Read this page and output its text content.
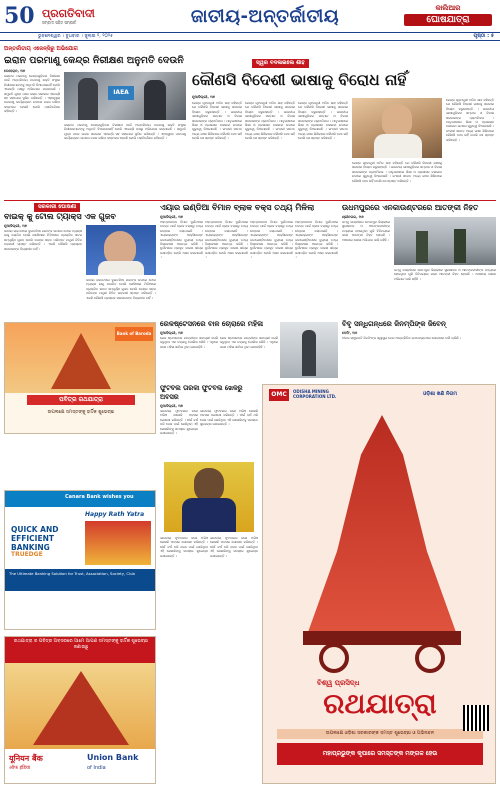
50 ପ୍ରଗତିବାଦୀ
ସମ୍ବାଦ ସହିତ ସମ୍ପର୍କ	ଜାତୀୟ-ଅନ୍ତର୍ଜାତୀୟ	କାଲିଆର
ଘୋଷଯାତ୍ରା
ଭୁବନେଶ୍ୱର । ବୁଧବାର । ଜୁଲାଇ ୨, ୨୦୨୫	ପୃଷ୍ଠା : ୫
ଅନ୍ତର୍ଜାତୀୟ ଏଜେନ୍ସିରୁ ଅଭିଯୋଗ
ଇରାନ ପରମାଣୁ କେନ୍ଦ୍ର ନିରୀକ୍ଷଣ ଅନୁମତି ଦେଉନି
ତେହେରାନ, ୧ା୭
ଇରାନର ପରମାଣୁ କେନ୍ଦ୍ରଗୁଡ଼ିକର ନିରୀକ୍ଷଣ ପାଇଁ ଅନ୍ତର୍ଜାତୀୟ ପରମାଣୁ ଶକ୍ତି ସଂସ୍ଥାର ନିରୀକ୍ଷକମାନଙ୍କୁ ଅନୁମତି ଦିଆଯାଉନାହିଁ ବୋଲି ଏଜେନ୍ସି ପକ୍ଷରୁ ଅଭିଯୋଗ କରାଯାଇଛି । ସମ୍ପ୍ରତି ଯୁଦ୍ଧ ପରେ ଇରାନ ସରକାର ଏଜେନ୍ସି ସହ ସହଯୋଗ ସ୍ଥଗିତ ରଖିଛନ୍ତି । ଏହାଦ୍ୱାରା ପରମାଣୁ କାର୍ଯ୍ୟକ୍ରମ ଉପରେ ନଜର ରଖିବା କଷ୍ଟକର ହେଉଛି ବୋଲି ମହାନିର୍ଦ୍ଦେଶକ କହିଛନ୍ତି ।
IAEA
ଇରାନର ପରମାଣୁ କେନ୍ଦ୍ରଗୁଡ଼ିକର ନିରୀକ୍ଷଣ ପାଇଁ ଅନ୍ତର୍ଜାତୀୟ ପରମାଣୁ ଶକ୍ତି ସଂସ୍ଥାର ନିରୀକ୍ଷକମାନଙ୍କୁ ଅନୁମତି ଦିଆଯାଉନାହିଁ ବୋଲି ଏଜେନ୍ସି ପକ୍ଷରୁ ଅଭିଯୋଗ କରାଯାଇଛି । ସମ୍ପ୍ରତି ଯୁଦ୍ଧ ପରେ ଇରାନ ସରକାର ଏଜେନ୍ସି ସହ ସହଯୋଗ ସ୍ଥଗିତ ରଖିଛନ୍ତି । ଏହାଦ୍ୱାରା ପରମାଣୁ କାର୍ଯ୍ୟକ୍ରମ ଉପରେ ନଜର ରଖିବା କଷ୍ଟକର ହେଉଛି ବୋଲି ମହାନିର୍ଦ୍ଦେଶକ କହିଛନ୍ତି ।
ସ୍ୱର ବଦଳାଇଲେ ଶାହ
କୌଣସି ବିଦେଶୀ ଭାଷାକୁ ବିରୋଧ ନାହିଁ
ନୂଆଦିଲ୍ଲୀ, ୧ା୭
କେନ୍ଦ୍ର ଗୃହମନ୍ତ୍ରୀ ଅମିତ ଶାହ କହିଛନ୍ତି ଯେ କୌଣସି ବିଦେଶୀ ଭାଷାକୁ ସରକାର ବିରୋଧ କରୁନାହାନ୍ତି । ଭାରତୀୟ ଭାଷାଗୁଡ଼ିକର ସମ୍ମାନ ଓ ବିକାଶ ସରକାରଙ୍କ ପ୍ରାଥମିକତା । ମାତୃଭାଷାରେ ଶିକ୍ଷା ଓ ପ୍ରଶାସନ ଚଳାଇବା ଉପରେ ଗୁରୁତ୍ୱ ଦିଆଯାଉଛି । ଇଂରାଜୀ ସମେତ ଅନ୍ୟ ଭାଷା ଶିଖିବାରେ କୌଣସି ବାଧା ନାହିଁ ବୋଲି ସେ ସ୍ପଷ୍ଟ କରିଛନ୍ତି ।
କେନ୍ଦ୍ର ଗୃହମନ୍ତ୍ରୀ ଅମିତ ଶାହ କହିଛନ୍ତି ଯେ କୌଣସି ବିଦେଶୀ ଭାଷାକୁ ସରକାର ବିରୋଧ କରୁନାହାନ୍ତି । ଭାରତୀୟ ଭାଷାଗୁଡ଼ିକର ସମ୍ମାନ ଓ ବିକାଶ ସରକାରଙ୍କ ପ୍ରାଥମିକତା । ମାତୃଭାଷାରେ ଶିକ୍ଷା ଓ ପ୍ରଶାସନ ଚଳାଇବା ଉପରେ ଗୁରୁତ୍ୱ ଦିଆଯାଉଛି । ଇଂରାଜୀ ସମେତ ଅନ୍ୟ ଭାଷା ଶିଖିବାରେ କୌଣସି ବାଧା ନାହିଁ ବୋଲି ସେ ସ୍ପଷ୍ଟ କରିଛନ୍ତି ।
କେନ୍ଦ୍ର ଗୃହମନ୍ତ୍ରୀ ଅମିତ ଶାହ କହିଛନ୍ତି ଯେ କୌଣସି ବିଦେଶୀ ଭାଷାକୁ ସରକାର ବିରୋଧ କରୁନାହାନ୍ତି । ଭାରତୀୟ ଭାଷାଗୁଡ଼ିକର ସମ୍ମାନ ଓ ବିକାଶ ସରକାରଙ୍କ ପ୍ରାଥମିକତା । ମାତୃଭାଷାରେ ଶିକ୍ଷା ଓ ପ୍ରଶାସନ ଚଳାଇବା ଉପରେ ଗୁରୁତ୍ୱ ଦିଆଯାଉଛି । ଇଂରାଜୀ ସମେତ ଅନ୍ୟ ଭାଷା ଶିଖିବାରେ କୌଣସି ବାଧା ନାହିଁ ବୋଲି ସେ ସ୍ପଷ୍ଟ କରିଛନ୍ତି ।
କେନ୍ଦ୍ର ଗୃହମନ୍ତ୍ରୀ ଅମିତ ଶାହ କହିଛନ୍ତି ଯେ କୌଣସି ବିଦେଶୀ ଭାଷାକୁ ସରକାର ବିରୋଧ କରୁନାହାନ୍ତି । ଭାରତୀୟ ଭାଷାଗୁଡ଼ିକର ସମ୍ମାନ ଓ ବିକାଶ ସରକାରଙ୍କ ପ୍ରାଥମିକତା । ମାତୃଭାଷାରେ ଶିକ୍ଷା ଓ ପ୍ରଶାସନ ଚଳାଇବା ଉପରେ ଗୁରୁତ୍ୱ ଦିଆଯାଉଛି । ଇଂରାଜୀ ସମେତ ଅନ୍ୟ ଭାଷା ଶିଖିବାରେ କୌଣସି ବାଧା ନାହିଁ ବୋଲି ସେ ସ୍ପଷ୍ଟ କରିଛନ୍ତି ।
କେନ୍ଦ୍ର ଗୃହମନ୍ତ୍ରୀ ଅମିତ ଶାହ କହିଛନ୍ତି ଯେ କୌଣସି ବିଦେଶୀ ଭାଷାକୁ ସରକାର ବିରୋଧ କରୁନାହାନ୍ତି । ଭାରତୀୟ ଭାଷାଗୁଡ଼ିକର ସମ୍ମାନ ଓ ବିକାଶ ସରକାରଙ୍କ ପ୍ରାଥମିକତା । ମାତୃଭାଷାରେ ଶିକ୍ଷା ଓ ପ୍ରଶାସନ ଚଳାଇବା ଉପରେ ଗୁରୁତ୍ୱ ଦିଆଯାଉଛି । ଇଂରାଜୀ ସମେତ ଅନ୍ୟ ଭାଷା ଶିଖିବାରେ କୌଣସି ବାଧା ନାହିଁ ବୋଲି ସେ ସ୍ପଷ୍ଟ କରିଛନ୍ତି ।
ସରକାରୀ ଘୋଷଣା
ବାଇକ୍ କୁ ଟୋଲ ଟ୍ୟାକ୍ସ ଏକ ଗୁଜବ
ନୂଆଦିଲ୍ଲୀ, ୧ା୭
ଜାତୀୟ ରାଜପଥରେ ଦୁଇଚକିଆ ଯାନଙ୍କ ଉପରେ ଟୋଲ ଟ୍ୟାକ୍ସ ଲାଗୁ କରାଯିବ ବୋଲି ସୋସିଆଲ ମିଡିଆରେ ପ୍ରଚାରିତ ଖବର ସମ୍ପୂର୍ଣ୍ଣ ଗୁଜବ ବୋଲି କେନ୍ଦ୍ର ସଡ଼କ ପରିବହନ ମନ୍ତ୍ରୀ ନିତିନ ଗଡ଼କରୀ ସ୍ପଷ୍ଟ କରିଛନ୍ତି । ଏଭଳି କୌଣସି ପ୍ରସ୍ତାବ ସରକାରଙ୍କ ବିଚାରାଧୀନ ନାହିଁ ।
ଜାତୀୟ ରାଜପଥରେ ଦୁଇଚକିଆ ଯାନଙ୍କ ଉପରେ ଟୋଲ ଟ୍ୟାକ୍ସ ଲାଗୁ କରାଯିବ ବୋଲି ସୋସିଆଲ ମିଡିଆରେ ପ୍ରଚାରିତ ଖବର ସମ୍ପୂର୍ଣ୍ଣ ଗୁଜବ ବୋଲି କେନ୍ଦ୍ର ସଡ଼କ ପରିବହନ ମନ୍ତ୍ରୀ ନିତିନ ଗଡ଼କରୀ ସ୍ପଷ୍ଟ କରିଛନ୍ତି । ଏଭଳି କୌଣସି ପ୍ରସ୍ତାବ ସରକାରଙ୍କ ବିଚାରାଧୀନ ନାହିଁ ।
ଏୟାର ଇଣ୍ଡିଆ ବିମାନ ବ୍ଲାକ ବକ୍ସ ତଥ୍ୟ ମିଳିଲା
ନୂଆଦିଲ୍ଲୀ, ୧ା୭
ଅହମ୍ମଦାବାଦ ବିମାନ ଦୁର୍ଘଟଣାର ତଦନ୍ତ ପାଇଁ ବ୍ଲାକ ବକ୍ସରୁ ତଥ୍ୟ ଉଦ୍ଧାର କରାଯାଇଛି । ଏୟାରକ୍ରାଫ୍ଟ ଆକ୍ସିଡେଣ୍ଟ ଇନଭେଷ୍ଟିଗେସନ ବ୍ୟୁରୋ ତଥ୍ୟ ବିଶ୍ଳେଷଣ ଆରମ୍ଭ କରିଛି । ଦୁର୍ଘଟଣାର ପ୍ରକୃତ କାରଣ ଶୀଘ୍ର ଜଣାପଡ଼ିବ ବୋଲି ଆଶା କରାଯାଉଛି ।
ଅହମ୍ମଦାବାଦ ବିମାନ ଦୁର୍ଘଟଣାର ତଦନ୍ତ ପାଇଁ ବ୍ଲାକ ବକ୍ସରୁ ତଥ୍ୟ ଉଦ୍ଧାର କରାଯାଇଛି । ଏୟାରକ୍ରାଫ୍ଟ ଆକ୍ସିଡେଣ୍ଟ ଇନଭେଷ୍ଟିଗେସନ ବ୍ୟୁରୋ ତଥ୍ୟ ବିଶ୍ଳେଷଣ ଆରମ୍ଭ କରିଛି । ଦୁର୍ଘଟଣାର ପ୍ରକୃତ କାରଣ ଶୀଘ୍ର ଜଣାପଡ଼ିବ ବୋଲି ଆଶା କରାଯାଉଛି ।
ଅହମ୍ମଦାବାଦ ବିମାନ ଦୁର୍ଘଟଣାର ତଦନ୍ତ ପାଇଁ ବ୍ଲାକ ବକ୍ସରୁ ତଥ୍ୟ ଉଦ୍ଧାର କରାଯାଇଛି । ଏୟାରକ୍ରାଫ୍ଟ ଆକ୍ସିଡେଣ୍ଟ ଇନଭେଷ୍ଟିଗେସନ ବ୍ୟୁରୋ ତଥ୍ୟ ବିଶ୍ଳେଷଣ ଆରମ୍ଭ କରିଛି । ଦୁର୍ଘଟଣାର ପ୍ରକୃତ କାରଣ ଶୀଘ୍ର ଜଣାପଡ଼ିବ ବୋଲି ଆଶା କରାଯାଉଛି ।
ଅହମ୍ମଦାବାଦ ବିମାନ ଦୁର୍ଘଟଣାର ତଦନ୍ତ ପାଇଁ ବ୍ଲାକ ବକ୍ସରୁ ତଥ୍ୟ ଉଦ୍ଧାର କରାଯାଇଛି । ଏୟାରକ୍ରାଫ୍ଟ ଆକ୍ସିଡେଣ୍ଟ ଇନଭେଷ୍ଟିଗେସନ ବ୍ୟୁରୋ ତଥ୍ୟ ବିଶ୍ଳେଷଣ ଆରମ୍ଭ କରିଛି । ଦୁର୍ଘଟଣାର ପ୍ରକୃତ କାରଣ ଶୀଘ୍ର ଜଣାପଡ଼ିବ ବୋଲି ଆଶା କରାଯାଉଛି ।
ଉଧମପୁରରେ ଏନକାଉଣ୍ଟରରେ ଆତଙ୍କୀ ନିହତ
ଶ୍ରୀନଗର, ୧ା୭
ଜମ୍ମୁ କାଶ୍ମୀରର ଉଧମପୁର ଜିଲ୍ଲାରେ ସୁରକ୍ଷାବଳ ଓ ଆତଙ୍କବାଦୀଙ୍କ ମଧ୍ୟରେ ହୋଇଥିବା ଗୁଳି ବିନିମୟରେ ଜଣେ ଆତଙ୍କୀ ନିହତ ହୋଇଛି । ଅଞ୍ଚଳରେ ଖୋଜା ଅଭିଯାନ ଜାରି ରହିଛି ।
ଜମ୍ମୁ କାଶ୍ମୀରର ଉଧମପୁର ଜିଲ୍ଲାରେ ସୁରକ୍ଷାବଳ ଓ ଆତଙ୍କବାଦୀଙ୍କ ମଧ୍ୟରେ ହୋଇଥିବା ଗୁଳି ବିନିମୟରେ ଜଣେ ଆତଙ୍କୀ ନିହତ ହୋଇଛି । ଅଞ୍ଚଳରେ ଖୋଜା ଅଭିଯାନ ଜାରି ରହିଛି ।
Bank of Baroda
ପବିତ୍ର ରଥଯାତ୍ରା
ଉପଲକ୍ଷେ ସମସ୍ତଙ୍କୁ ହାର୍ଦ୍ଦିକ ଶୁଭେଚ୍ଛା
ରେଳଷ୍ଟେସନରେ ବାଳ ଚୋରାରେ ମହିଳା
ନୂଆଦିଲ୍ଲୀ, ୧ା୭
ରେଳ ଷ୍ଟେସନରେ ଯାତ୍ରୀଙ୍କ ସାମଗ୍ରୀ ଚୋରି କରୁଥିବା ଏକ ଚକ୍ରକୁ ପୋଲିସ ଧରିଛି । ଏଥିରେ ଜଣେ ମହିଳା ସାମିଲ ଥିବା ଜଣାପଡ଼ିଛି ।
ରେଳ ଷ୍ଟେସନରେ ଯାତ୍ରୀଙ୍କ ସାମଗ୍ରୀ ଚୋରି କରୁଥିବା ଏକ ଚକ୍ରକୁ ପୋଲିସ ଧରିଛି । ଏଥିରେ ଜଣେ ମହିଳା ସାମିଲ ଥିବା ଜଣାପଡ଼ିଛି ।
ବିବୃ ସନ୍ଧିଗନ୍ଧରେ ଜିନମ୍ପିଙ୍କ ଜିବେନ୍
ବେଜିଂ, ୧ା୭
ଚୀନର ରାଷ୍ଟ୍ରପତି ଜିନପିଂଙ୍କ ସ୍ୱାସ୍ଥ୍ୟ ନେଇ ଆନ୍ତର୍ଜାତିକ ଗଣମାଧ୍ୟମରେ ଜୋରଦାର ଚର୍ଚ୍ଚା ଚାଲିଛି ।
ଫୁଟବଲ ତାରକା ଫୁଟବଲ ଖେଳରୁ ଅବସର
ନୂଆଦିଲ୍ଲୀ, ୧ା୭
ଭାରତୀୟ ଫୁଟବଲର ଜଣେ ଅଭିଜ୍ଞ ଖେଳାଳି ଅବସର ଘୋଷଣା କରିଛନ୍ତି । ଦୀର୍ଘ ବର୍ଷ ଧରି ଦେଶ ପାଇଁ ଖେଳିଥିବା ଏହି ଖେଳାଳିଙ୍କୁ ସମସ୍ତେ ଶୁଭେଚ୍ଛା ଜଣାଇଛନ୍ତି ।
ଭାରତୀୟ ଫୁଟବଲର ଜଣେ ଅଭିଜ୍ଞ ଖେଳାଳି ଅବସର ଘୋଷଣା କରିଛନ୍ତି । ଦୀର୍ଘ ବର୍ଷ ଧରି ଦେଶ ପାଇଁ ଖେଳିଥିବା ଏହି ଖେଳାଳିଙ୍କୁ ସମସ୍ତେ ଶୁଭେଚ୍ଛା ଜଣାଇଛନ୍ତି ।
ଭାରତୀୟ ଫୁଟବଲର ଜଣେ ଅଭିଜ୍ଞ ଖେଳାଳି ଅବସର ଘୋଷଣା କରିଛନ୍ତି । ଦୀର୍ଘ ବର୍ଷ ଧରି ଦେଶ ପାଇଁ ଖେଳିଥିବା ଏହି ଖେଳାଳିଙ୍କୁ ସମସ୍ତେ ଶୁଭେଚ୍ଛା ଜଣାଇଛନ୍ତି ।
ଭାରତୀୟ ଫୁଟବଲର ଜଣେ ଅଭିଜ୍ଞ ଖେଳାଳି ଅବସର ଘୋଷଣା କରିଛନ୍ତି । ଦୀର୍ଘ ବର୍ଷ ଧରି ଦେଶ ପାଇଁ ଖେଳିଥିବା ଏହି ଖେଳାଳିଙ୍କୁ ସମସ୍ତେ ଶୁଭେଚ୍ଛା ଜଣାଇଛନ୍ତି ।
Canara Bank wishes you
Happy Rath Yatra
QUICK AND EFFICIENT BANKING
TRUEDGE
The Ultimate Banking Solution for Trust, Association, Society, Club
ରଥଯାତ୍ରା ର ପବିତ୍ର ଅବସରରେ ଆମେ ଆପଣ ସମସ୍ତଙ୍କୁ ହାର୍ଦ୍ଦିକ ଶୁଭେଚ୍ଛା ଜଣାଉଛୁ
यूनियन बैंक
ऑफ इंडिया
Union Bank
of India
OMC	ODISHA MINING CORPORATION LTD.	ଓଡ଼ିଶା ଖଣି ନିଗମ
ବିଶ୍ୱ ପ୍ରସିଦ୍ଧ
ରଥଯାତ୍ରା
ଉପଲକ୍ଷେ ଓଡ଼ିଶା ସରକାରଙ୍କ ସମସ୍ତ ଶୁଭେଚ୍ଛା ଓ ଅଭିନନ୍ଦନ
ମହାପ୍ରଭୁଙ୍କ କୃପାରେ ସମସ୍ତଙ୍କ ମଙ୍ଗଳ ହେଉ
